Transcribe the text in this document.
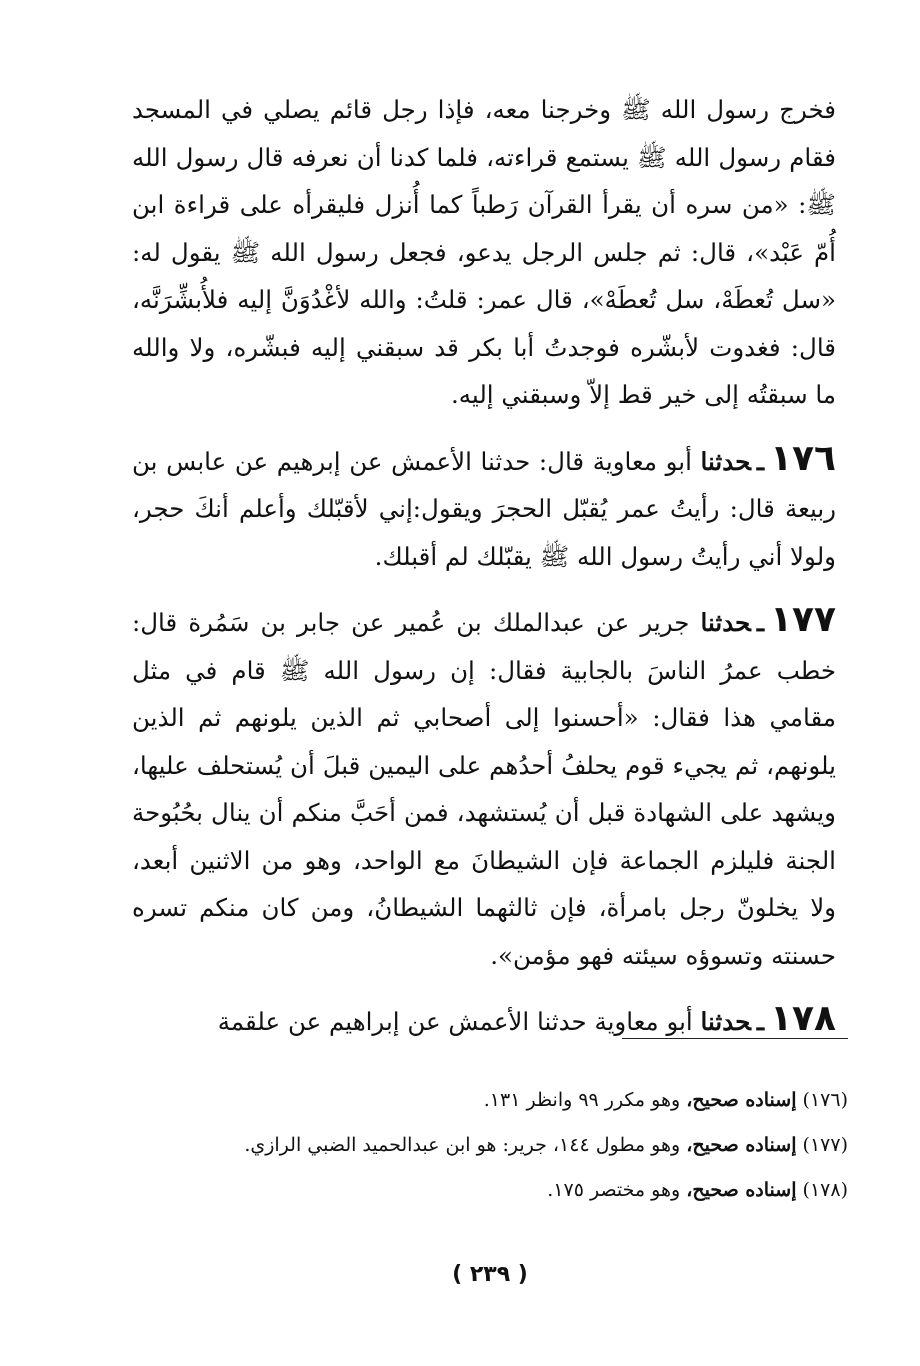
فخرج رسول الله ﷺ وخرجنا معه، فإذا رجل قائم يصلي في المسجد فقام رسول الله ﷺ يستمع قراءته، فلما كدنا أن نعرفه قال رسول الله ﷺ: «من سره أن يقرأ القرآن رَطباً كما أُنزل فليقرأه على قراءة ابن أُمّ عَبْد»، قال: ثم جلس الرجل يدعو، فجعل رسول الله ﷺ يقول له: «سل تُعطَهْ، سل تُعطَهْ»، قال عمر: قلتُ: والله لأغْدُوَنَّ إليه فلأُبشِّرَنَّه، قال: فغدوت لأبشّره فوجدتُ أبا بكر قد سبقني إليه فبشّره، ولا والله ما سبقتُه إلى خير قط إلاّ وسبقني إليه.

١٧٦ـحدثنا أبو معاوية قال: حدثنا الأعمش عن إبرهيم عن عابس بن ربيعة قال: رأيتُ عمر يُقبّل الحجرَ ويقول:إني لأقبّلك وأعلم أنكَ حجر، ولولا أني رأيتُ رسول الله ﷺ يقبّلك لم أقبلك.

١٧٧ـحدثنا جرير عن عبدالملك بن عُمير عن جابر بن سَمُرة قال: خطب عمرُ الناسَ بالجابية فقال: إن رسول الله ﷺ قام في مثل مقامي هذا فقال: «أحسنوا إلى أصحابي ثم الذين يلونهم ثم الذين يلونهم، ثم يجيء قوم يحلفُ أحدُهم على اليمين قبلَ أن يُستحلف عليها، ويشهد على الشهادة قبل أن يُستشهد، فمن أحَبَّ منكم أن ينال بحُبُوحة الجنة فليلزم الجماعة فإن الشيطانَ مع الواحد، وهو من الاثنين أبعد، ولا يخلونّ رجل بامرأة، فإن ثالثهما الشيطانُ، ومن كان منكم تسره حسنته وتسوؤه سيئته فهو مؤمن».

١٧٨ـحدثنا أبو معاوية حدثنا الأعمش عن إبراهيم عن علقمة

(١٧٦) إسناده صحيح، وهو مكرر ٩٩ وانظر ١٣١.
(١٧٧) إسناده صحيح، وهو مطول ١٤٤، جرير: هو ابن عبدالحميد الضبي الرازي.
(١٧٨) إسناده صحيح، وهو مختصر ١٧٥.
( ٢٣٩ )
